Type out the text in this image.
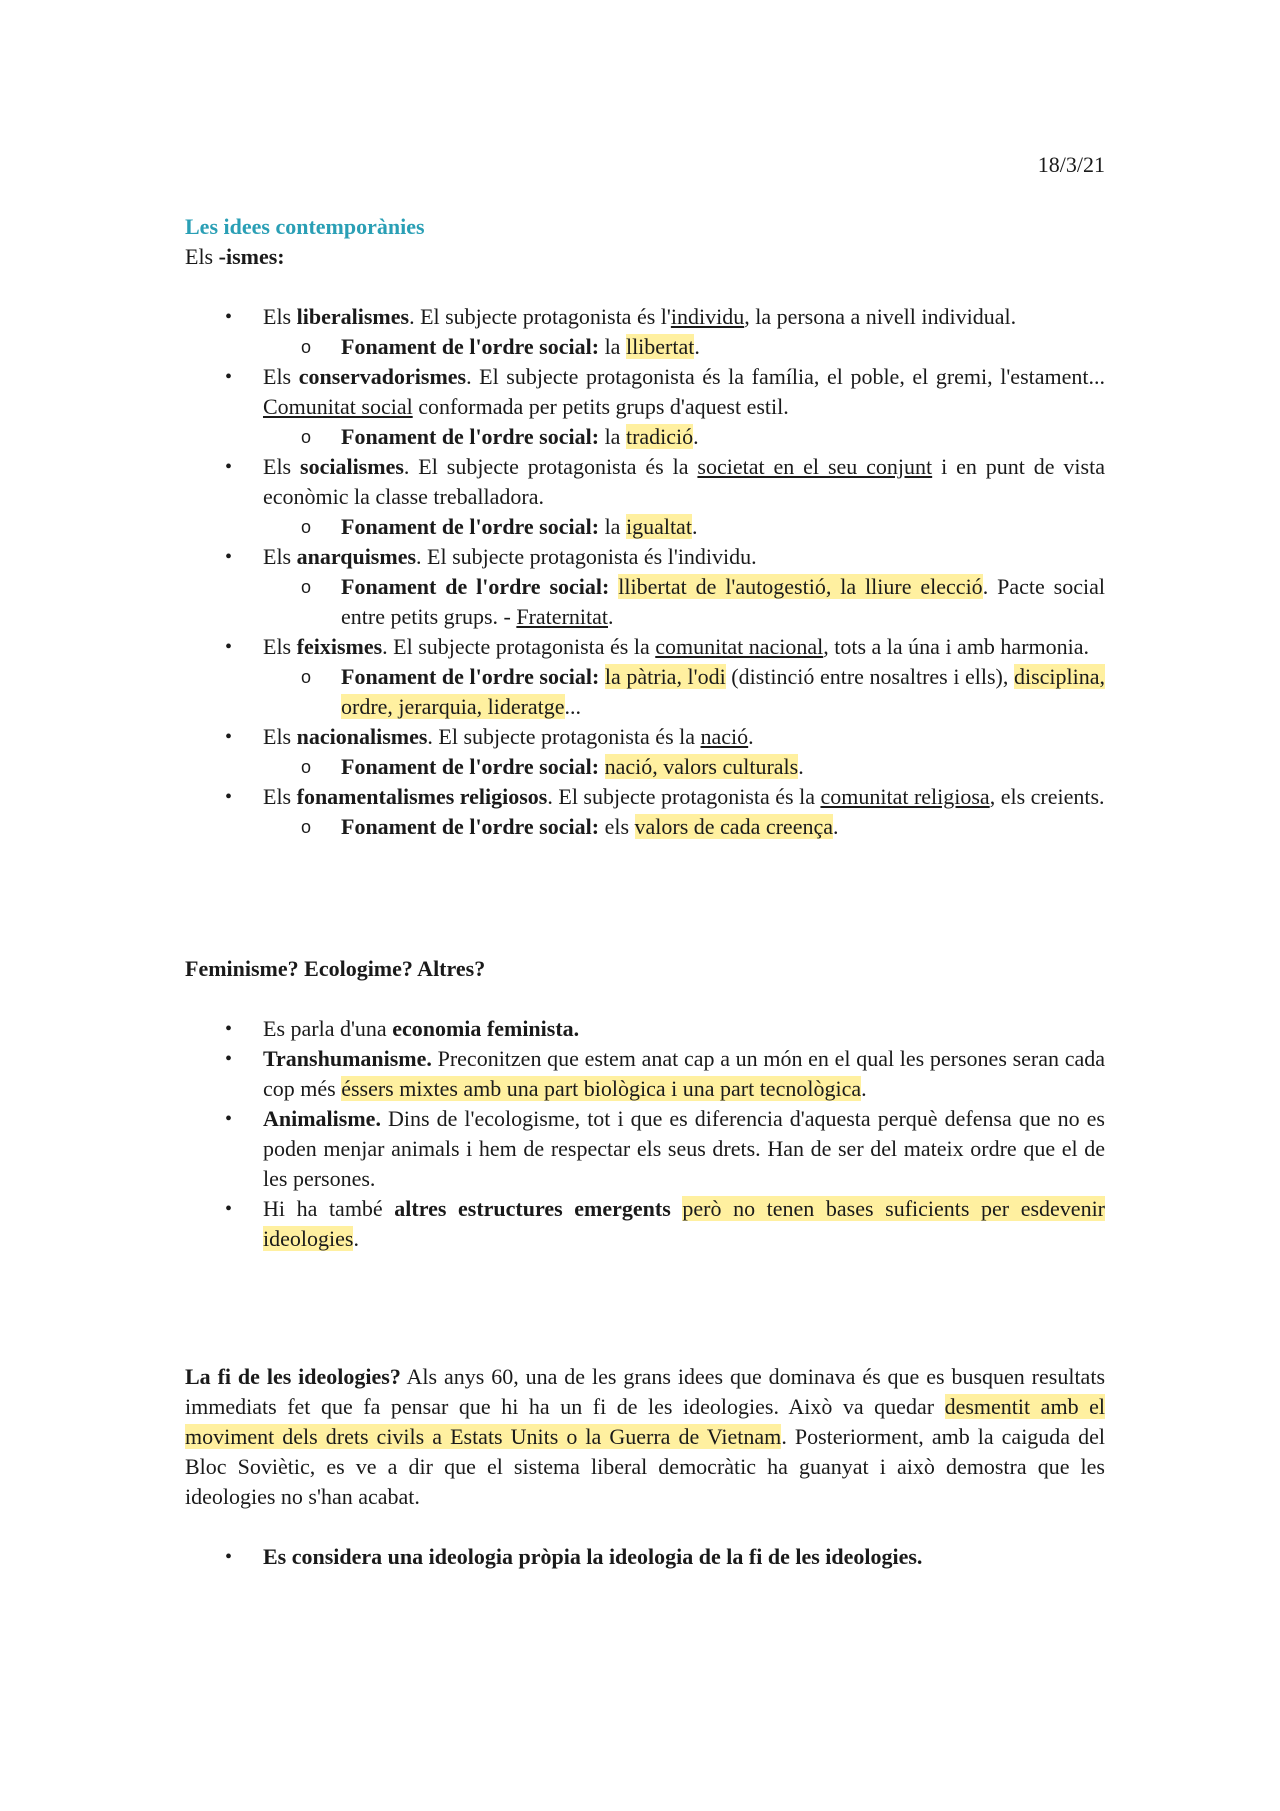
18/3/21

Les idees contemporànies

Els -ismes:

• Els liberalismes. El subjecte protagonista és l'individu, la persona a nivell individual.
o Fonament de l'ordre social: la llibertat.
• Els conservadorismes. El subjecte protagonista és la família, el poble, el gremi, l'estament... Comunitat social conformada per petits grups d'aquest estil.
o Fonament de l'ordre social: la tradició.
• Els socialismes. El subjecte protagonista és la societat en el seu conjunt i en punt de vista econòmic la classe treballadora.
o Fonament de l'ordre social: la igualtat.
• Els anarquismes. El subjecte protagonista és l'individu.
o Fonament de l'ordre social: llibertat de l'autogestió, la lliure elecció. Pacte social entre petits grups. - Fraternitat.
• Els feixismes. El subjecte protagonista és la comunitat nacional, tots a la úna i amb harmonia.
o Fonament de l'ordre social: la pàtria, l'odi (distinció entre nosaltres i ells), disciplina, ordre, jerarquia, lideratge...
• Els nacionalismes. El subjecte protagonista és la nació.
o Fonament de l'ordre social: nació, valors culturals.
• Els fonamentalismes religiosos. El subjecte protagonista és la comunitat religiosa, els creients.
o Fonament de l'ordre social: els valors de cada creença.

Feminisme? Ecologime? Altres?

• Es parla d'una economia feminista.
• Transhumanisme. Preconitzen que estem anat cap a un món en el qual les persones seran cada cop més éssers mixtes amb una part biològica i una part tecnològica.
• Animalisme. Dins de l'ecologisme, tot i que es diferencia d'aquesta perquè defensa que no es poden menjar animals i hem de respectar els seus drets. Han de ser del mateix ordre que el de les persones.
• Hi ha també altres estructures emergents però no tenen bases suficients per esdevenir ideologies.

La fi de les ideologies? Als anys 60, una de les grans idees que dominava és que es busquen resultats immediats fet que fa pensar que hi ha un fi de les ideologies. Això va quedar desmentit amb el moviment dels drets civils a Estats Units o la Guerra de Vietnam. Posteriorment, amb la caiguda del Bloc Soviètic, es ve a dir que el sistema liberal democràtic ha guanyat i això demostra que les ideologies no s'han acabat.

• Es considera una ideologia pròpia la ideologia de la fi de les ideologies.
